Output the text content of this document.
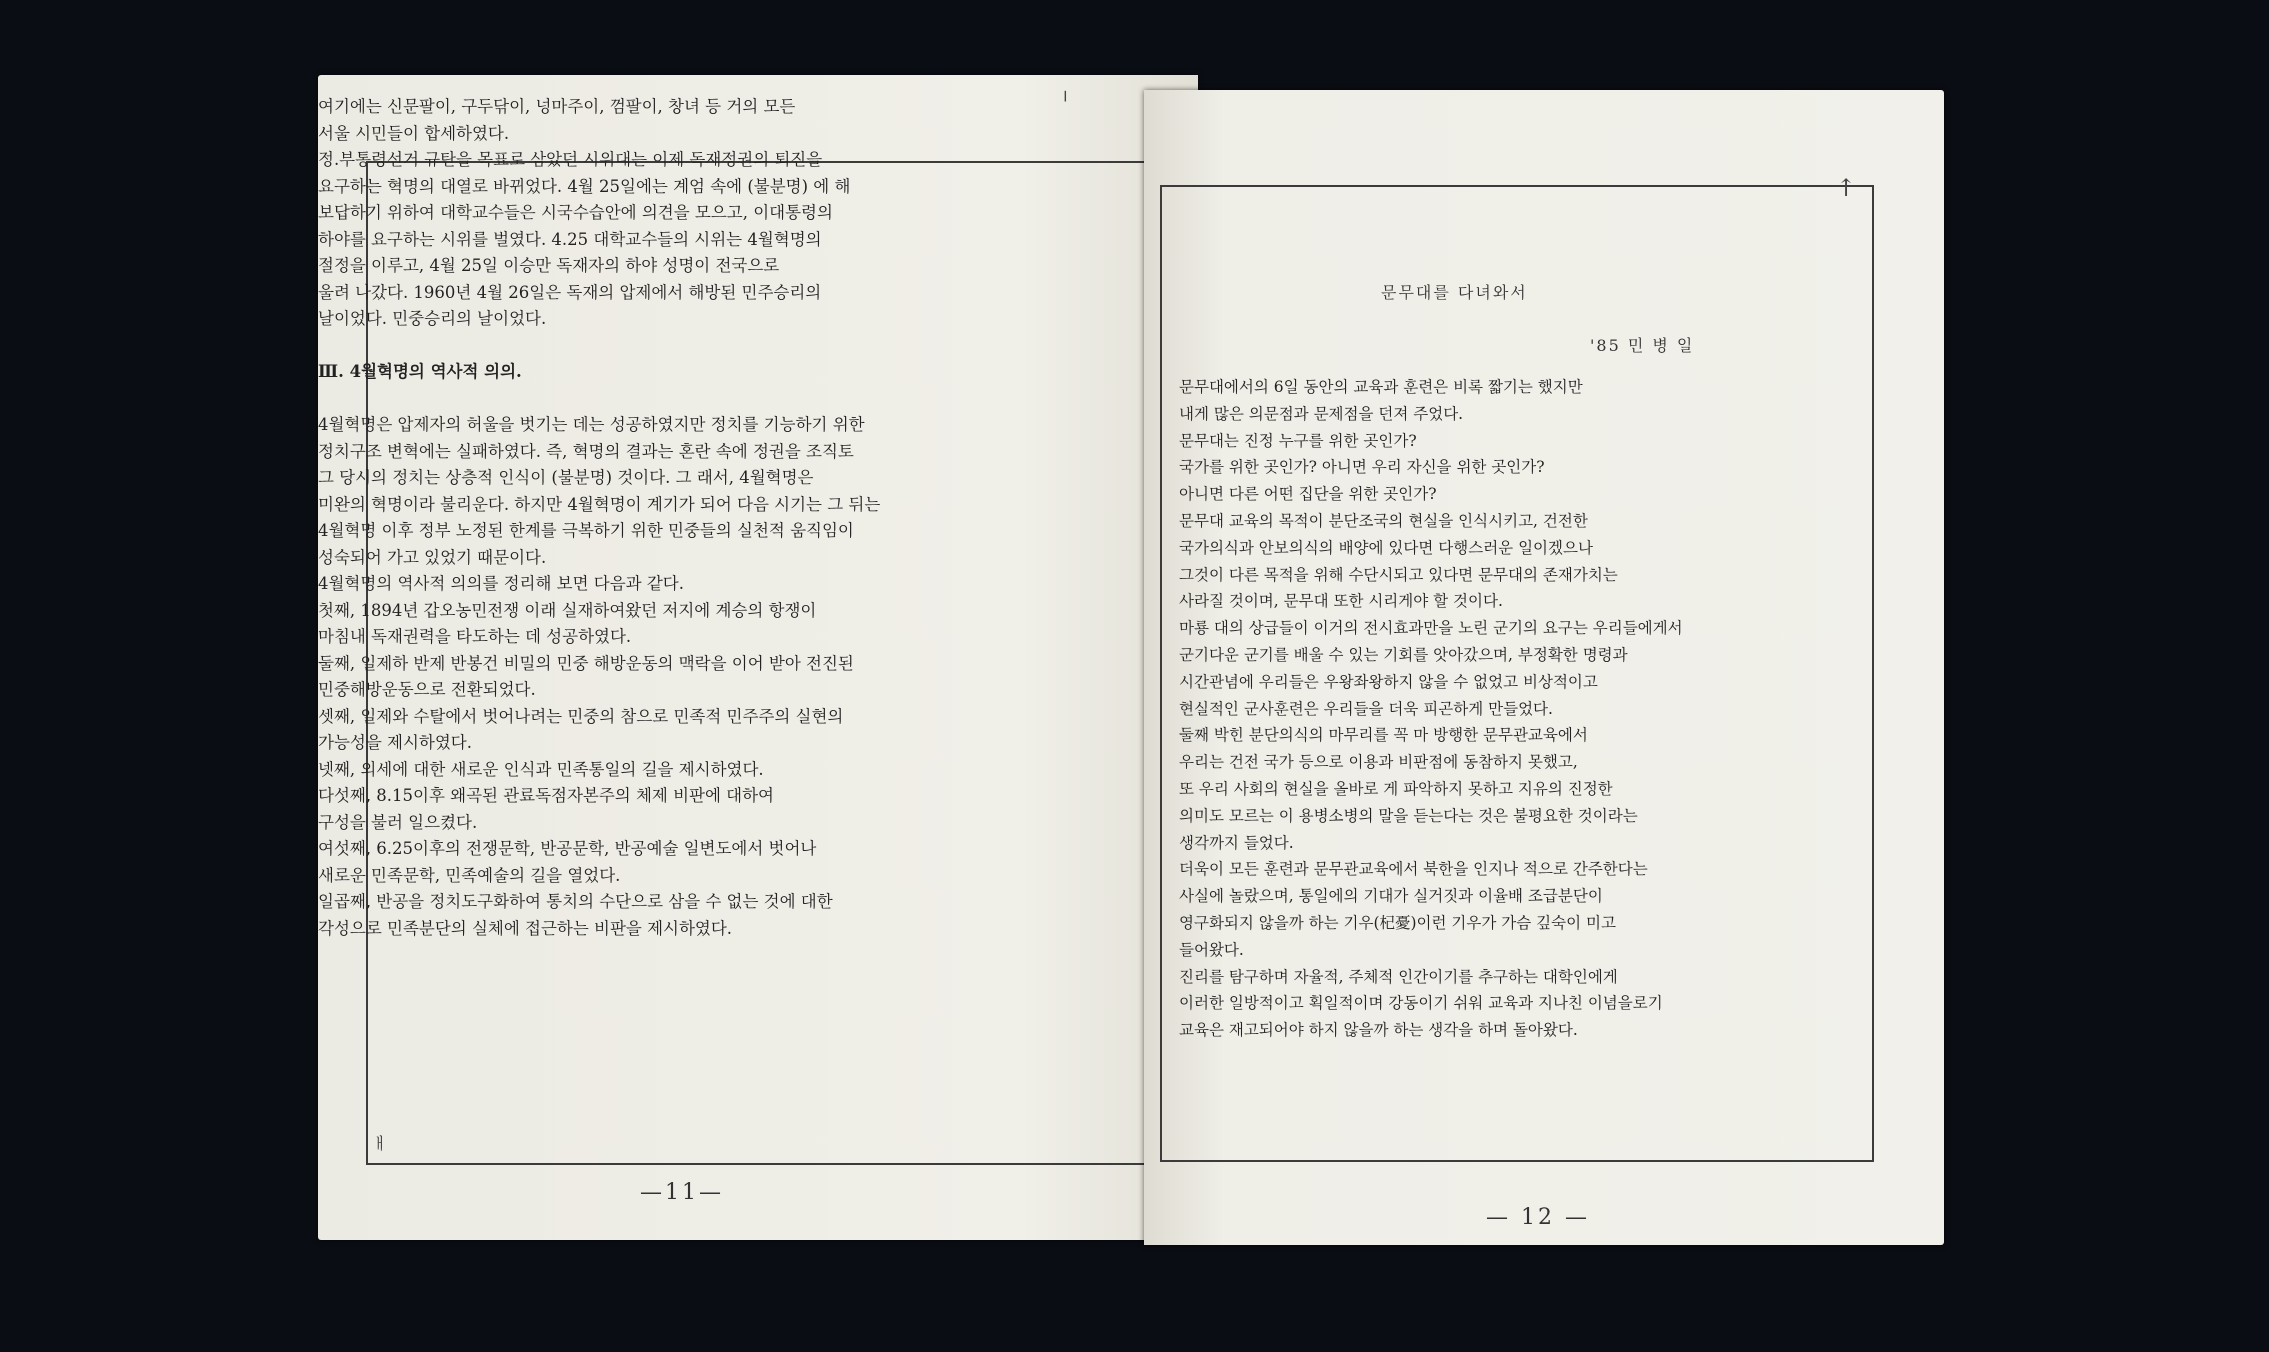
╷
ㅐ
여기에는 신문팔이, 구두닦이, 넝마주이, 껌팔이, 창녀 등 거의 모든
서울 시민들이 합세하였다.
정.부통령선거 규탄을 목표로 삼았던 시위대는 이제 독재정권의 퇴진을
요구하는 혁명의 대열로 바뀌었다. 4월 25일에는 계엄 속에 (불분명) 에 해
보답하기 위하여 대학교수들은 시국수습안에 의견을 모으고, 이대통령의
하야를 요구하는 시위를 벌였다. 4.25 대학교수들의 시위는 4월혁명의
절정을 이루고, 4월 25일 이승만 독재자의 하야 성명이 전국으로
울려 나갔다. 1960년 4월 26일은 독재의 압제에서 해방된 민주승리의
날이었다. 민중승리의 날이었다.
Ⅲ. 4월혁명의 역사적 의의.
4월혁명은 압제자의 허울을 벗기는 데는 성공하였지만 정치를 기능하기 위한
정치구조 변혁에는 실패하였다. 즉, 혁명의 결과는 혼란 속에 정권을 조직토
그 당시의 정치는 상층적 인식이 (불분명) 것이다. 그 래서, 4월혁명은
미완의 혁명이라 불리운다. 하지만 4월혁명이 계기가 되어 다음 시기는 그 뒤는
4월혁명 이후 정부 노정된 한계를 극복하기 위한 민중들의 실천적 움직임이
성숙되어 가고 있었기 때문이다.
4월혁명의 역사적 의의를 정리해 보면 다음과 같다.
첫째, 1894년 갑오농민전쟁 이래 실재하여왔던 저지에 계승의 항쟁이
마침내 독재권력을 타도하는 데 성공하였다.
둘째, 일제하 반제 반봉건 비밀의 민중 해방운동의 맥락을 이어 받아 전진된
민중해방운동으로 전환되었다.
셋째, 일제와 수탈에서 벗어나려는 민중의 참으로 민족적 민주주의 실현의
가능성을 제시하였다.
넷째, 외세에 대한 새로운 인식과 민족통일의 길을 제시하였다.
다섯째, 8.15이후 왜곡된 관료독점자본주의 체제 비판에 대하여
구성을 불러 일으켰다.
여섯째, 6.25이후의 전쟁문학, 반공문학, 반공예술 일변도에서 벗어나
새로운 민족문학, 민족예술의 길을 열었다.
일곱째, 반공을 정치도구화하여 통치의 수단으로 삼을 수 없는 것에 대한
각성으로 민족분단의 실체에 접근하는 비판을 제시하였다.
—11—
↑
문무대를 다녀와서
'85 민 병 일
문무대에서의 6일 동안의 교육과 훈련은 비록 짧기는 했지만
내게 많은 의문점과 문제점을 던져 주었다.
문무대는 진정 누구를 위한 곳인가?
국가를 위한 곳인가? 아니면 우리 자신을 위한 곳인가?
아니면 다른 어떤 집단을 위한 곳인가?
문무대 교육의 목적이 분단조국의 현실을 인식시키고, 건전한
국가의식과 안보의식의 배양에 있다면 다행스러운 일이겠으나
그것이 다른 목적을 위해 수단시되고 있다면 문무대의 존재가치는
사라질 것이며, 문무대 또한 시리게야 할 것이다.
마룡 대의 상급들이 이거의 전시효과만을 노린 군기의 요구는 우리들에게서
군기다운 군기를 배울 수 있는 기회를 앗아갔으며, 부정확한 명령과
시간관념에 우리들은 우왕좌왕하지 않을 수 없었고 비상적이고
현실적인 군사훈련은 우리들을 더욱 피곤하게 만들었다.
둘째 박힌 분단의식의 마무리를 꼭 마 방행한 문무관교육에서
우리는 건전 국가 등으로 이용과 비판점에 동참하지 못했고,
또 우리 사회의 현실을 올바로 게 파악하지 못하고 지유의 진정한
의미도 모르는 이 용병소병의 말을 듣는다는 것은 불평요한 것이라는
생각까지 들었다.
더욱이 모든 훈련과 문무관교육에서 북한을 인지나 적으로 간주한다는
사실에 놀랐으며, 통일에의 기대가 실거짓과 이율배 조급분단이
영구화되지 않을까 하는 기우(杞憂)이런 기우가 가슴 깊숙이 미고
들어왔다.
진리를 탐구하며 자율적, 주체적 인간이기를 추구하는 대학인에게
이러한 일방적이고 획일적이며 강동이기 쉬워 교육과 지나친 이념을로기
교육은 재고되어야 하지 않을까 하는 생각을 하며 돌아왔다.
— 12 —
